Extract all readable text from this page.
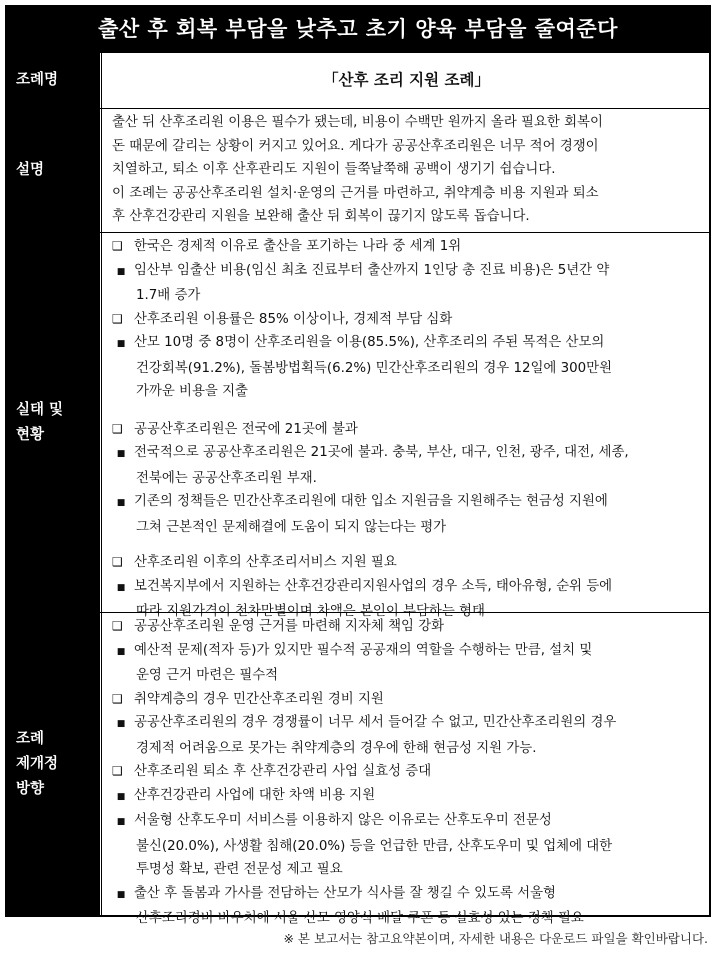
출산 후 회복 부담을 낮추고 초기 양육 부담을 줄여준다
조례명	「산후 조리 지원 조례」
설명

출산 뒤 산후조리원 이용은 필수가 됐는데, 비용이 수백만 원까지 올라 필요한 회복이

돈 때문에 갈리는 상황이 커지고 있어요. 게다가 공공산후조리원은 너무 적어 경쟁이

치열하고, 퇴소 이후 산후관리도 지원이 들쭉날쭉해 공백이 생기기 쉽습니다.

이 조례는 공공산후조리원 설치·운영의 근거를 마련하고, 취약계층 비용 지원과 퇴소

후 산후건강관리 지원을 보완해 출산 뒤 회복이 끊기지 않도록 돕습니다.

실태 및
현황
❑ 한국은 경제적 이유로 출산을 포기하는 나라 중 세계 1위
■ 임산부 임출산 비용(임신 최초 진료부터 출산까지 1인당 총 진료 비용)은 5년간 약
1.7배 증가
❑ 산후조리원 이용률은 85% 이상이나, 경제적 부담 심화
■ 산모 10명 중 8명이 산후조리원을 이용(85.5%), 산후조리의 주된 목적은 산모의
건강회복(91.2%), 돌봄방법획득(6.2%) 민간산후조리원의 경우 12일에 300만원
가까운 비용을 지출
❑ 공공산후조리원은 전국에 21곳에 불과
■ 전국적으로 공공산후조리원은 21곳에 불과. 충북, 부산, 대구, 인천, 광주, 대전, 세종,
전북에는 공공산후조리원 부재.
■ 기존의 정책들은 민간산후조리원에 대한 입소 지원금을 지원해주는 현금성 지원에
그쳐 근본적인 문제해결에 도움이 되지 않는다는 평가
❑ 산후조리원 이후의 산후조리서비스 지원 필요
■ 보건복지부에서 지원하는 산후건강관리지원사업의 경우 소득, 태아유형, 순위 등에
따라 지원가격이 천차만별이며 차액은 본인이 부담하는 형태
조례
제개정
방향
❑ 공공산후조리원 운영 근거를 마련해 지자체 책임 강화
■ 예산적 문제(적자 등)가 있지만 필수적 공공재의 역할을 수행하는 만큼, 설치 및
운영 근거 마련은 필수적
❑ 취약계층의 경우 민간산후조리원 경비 지원
■ 공공산후조리원의 경우 경쟁률이 너무 세서 들어갈 수 없고, 민간산후조리원의 경우
경제적 어려움으로 못가는 취약계층의 경우에 한해 현금성 지원 가능.
❑ 산후조리원 퇴소 후 산후건강관리 사업 실효성 증대
■ 산후건강관리 사업에 대한 차액 비용 지원
■ 서울형 산후도우미 서비스를 이용하지 않은 이유로는 산후도우미 전문성
불신(20.0%), 사생활 침해(20.0%) 등을 언급한 만큼, 산후도우미 및 업체에 대한
투명성 확보, 관련 전문성 제고 필요
■ 출산 후 돌봄과 가사를 전담하는 산모가 식사를 잘 챙길 수 있도록 서울형
산후조리경비 바우처에 서울 산모 영양식 배달 쿠폰 등 실효성 있는 정책 필요
※ 본 보고서는 참고요약본이며, 자세한 내용은 다운로드 파일을 확인바랍니다.
